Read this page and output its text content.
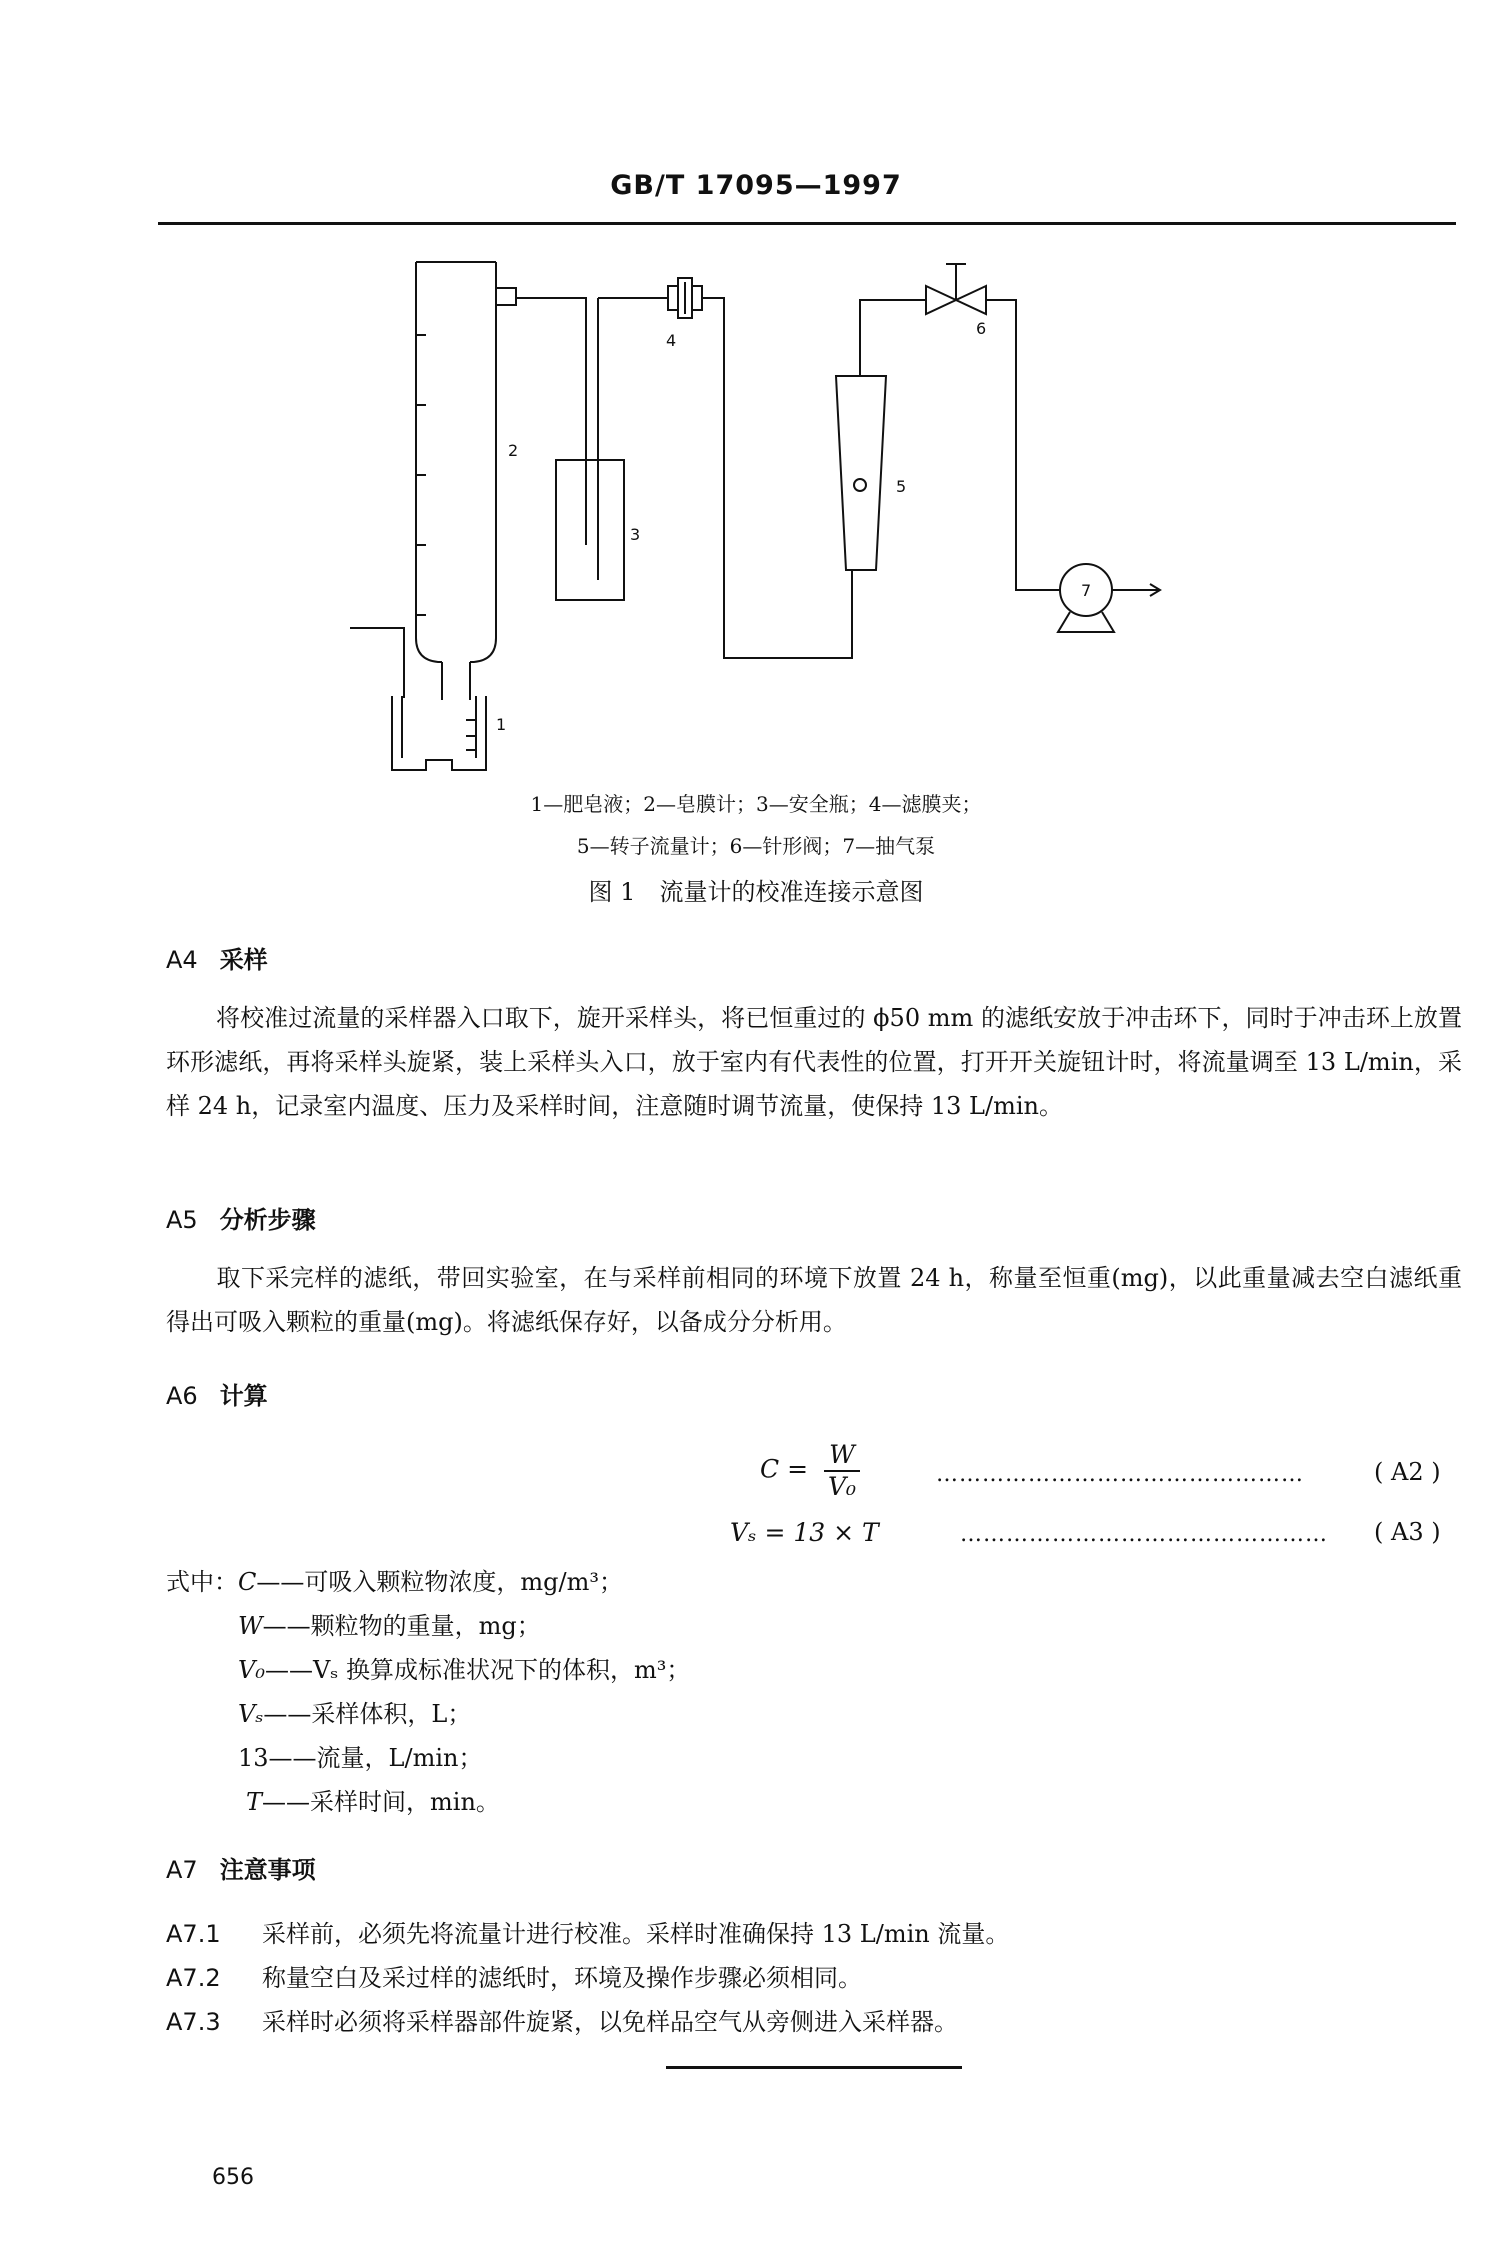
GB/T 17095—1997
2
3
4
5
6
7
1
1—肥皂液；2—皂膜计；3—安全瓶；4—滤膜夹；
5—转子流量计；6—针形阀；7—抽气泵
图 1　流量计的校准连接示意图
A4 采样
将校准过流量的采样器入口取下，旋开采样头，将已恒重过的 ϕ50 mm 的滤纸安放于冲击环下，同时于冲击环上放置环形滤纸，再将采样头旋紧，装上采样头入口，放于室内有代表性的位置，打开开关旋钮计时，将流量调至 13 L/min，采样 24 h，记录室内温度、压力及采样时间，注意随时调节流量，使保持 13 L/min。
A5 分析步骤
取下采完样的滤纸，带回实验室，在与采样前相同的环境下放置 24 h，称量至恒重(mg)，以此重量减去空白滤纸重得出可吸入颗粒的重量(mg)。将滤纸保存好，以备成分分析用。
A6 计算
$C = \frac{W}{\text{V₀}}$	…………………………………………	( A2 )
Vₛ = 13 × T	………………………………………… ( A3 )
式中：C——可吸入颗粒物浓度，mg/m³；
W——颗粒物的重量，mg；
V₀——Vₛ 换算成标准状况下的体积，m³；
Vₛ——采样体积，L；
13——流量，L/min；
T——采样时间，min。
A7 注意事项
A7.1 采样前，必须先将流量计进行校准。采样时准确保持 13 L/min 流量。
A7.2 称量空白及采过样的滤纸时，环境及操作步骤必须相同。
A7.3 采样时必须将采样器部件旋紧，以免样品空气从旁侧进入采样器。
656
